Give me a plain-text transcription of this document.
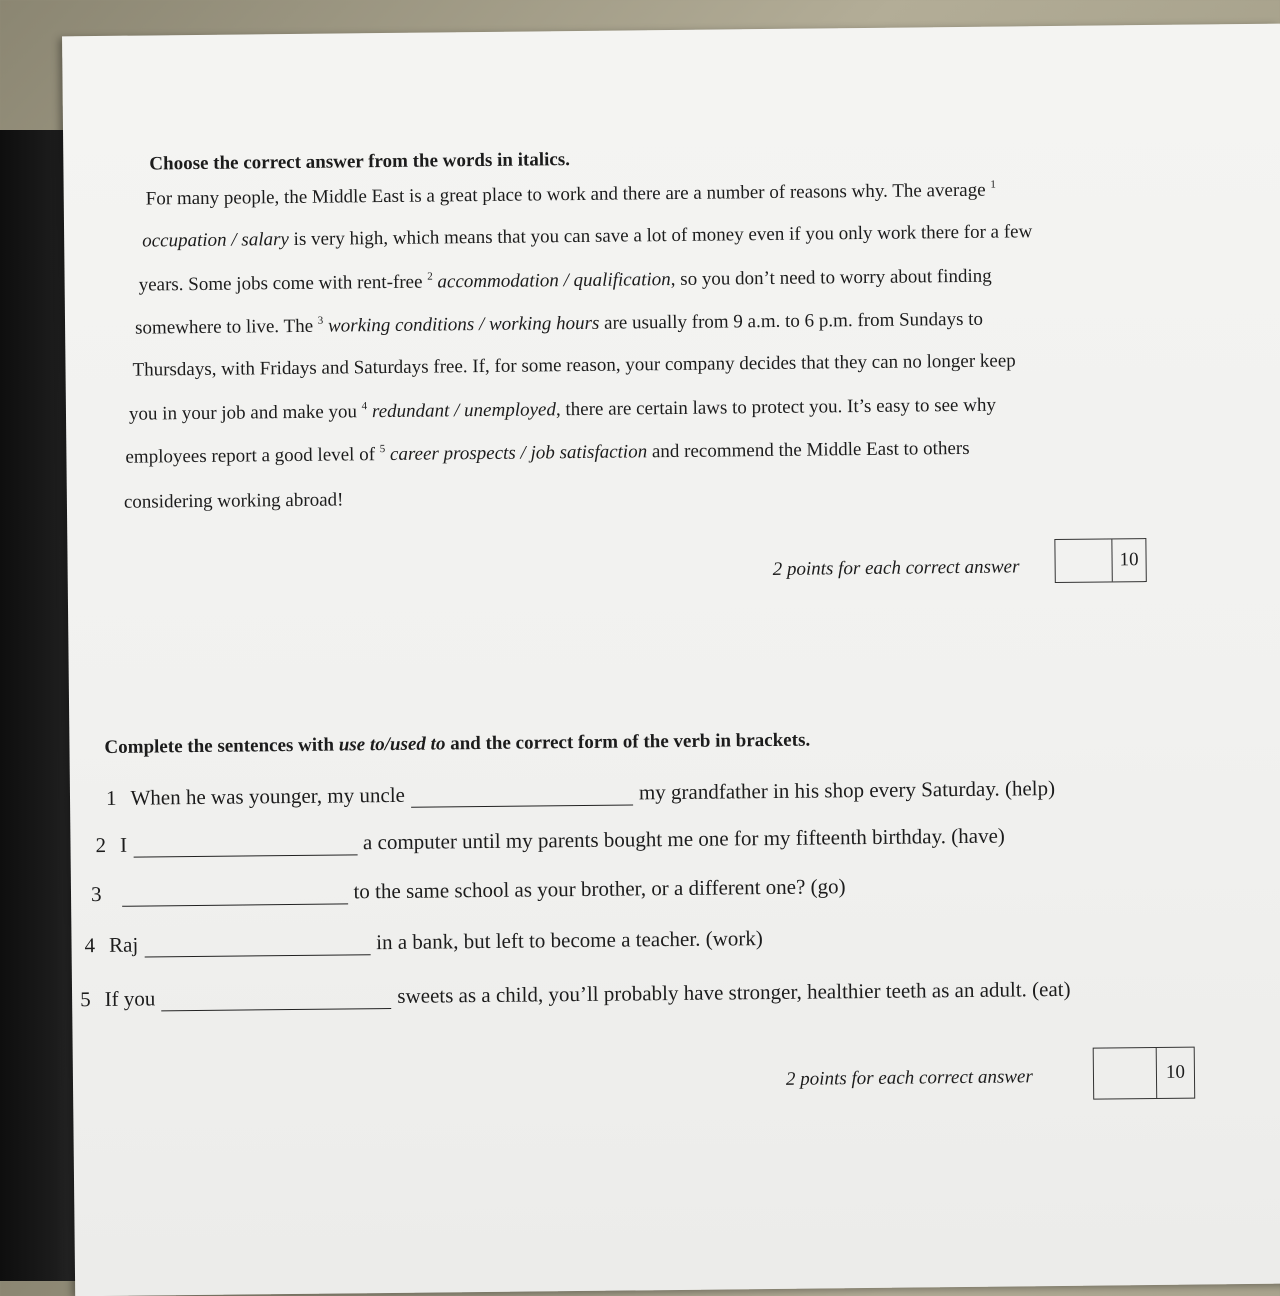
Choose the correct answer from the words in italics.
For many people, the Middle East is a great place to work and there are a number of reasons why. The average $^1$
occupation / salary is very high, which means that you can save a lot of money even if you only work there for a few
years. Some jobs come with rent-free $^2$ accommodation / qualification, so you don’t need to worry about finding
somewhere to live. The $^3$ working conditions / working hours are usually from 9 a.m. to 6 p.m. from Sundays to
Thursdays, with Fridays and Saturdays free. If, for some reason, your company decides that they can no longer keep
you in your job and make you $^4$ redundant / unemployed, there are certain laws to protect you. It’s easy to see why
employees report a good level of $^5$ career prospects / job satisfaction and recommend the Middle East to others
considering working abroad!
2 points for each correct answer	10
Complete the sentences with use to/used to and the correct form of the verb in brackets.
1 When he was younger, my uncle	my grandfather in his shop every Saturday. (help)
2 I	a computer until my parents bought me one for my fifteenth birthday. (have)
3	to the same school as your brother, or a different one? (go)
4 Raj	in a bank, but left to become a teacher. (work)
5 If you	sweets as a child, you’ll probably have stronger, healthier teeth as an adult. (eat)
2 points for each correct answer	10
